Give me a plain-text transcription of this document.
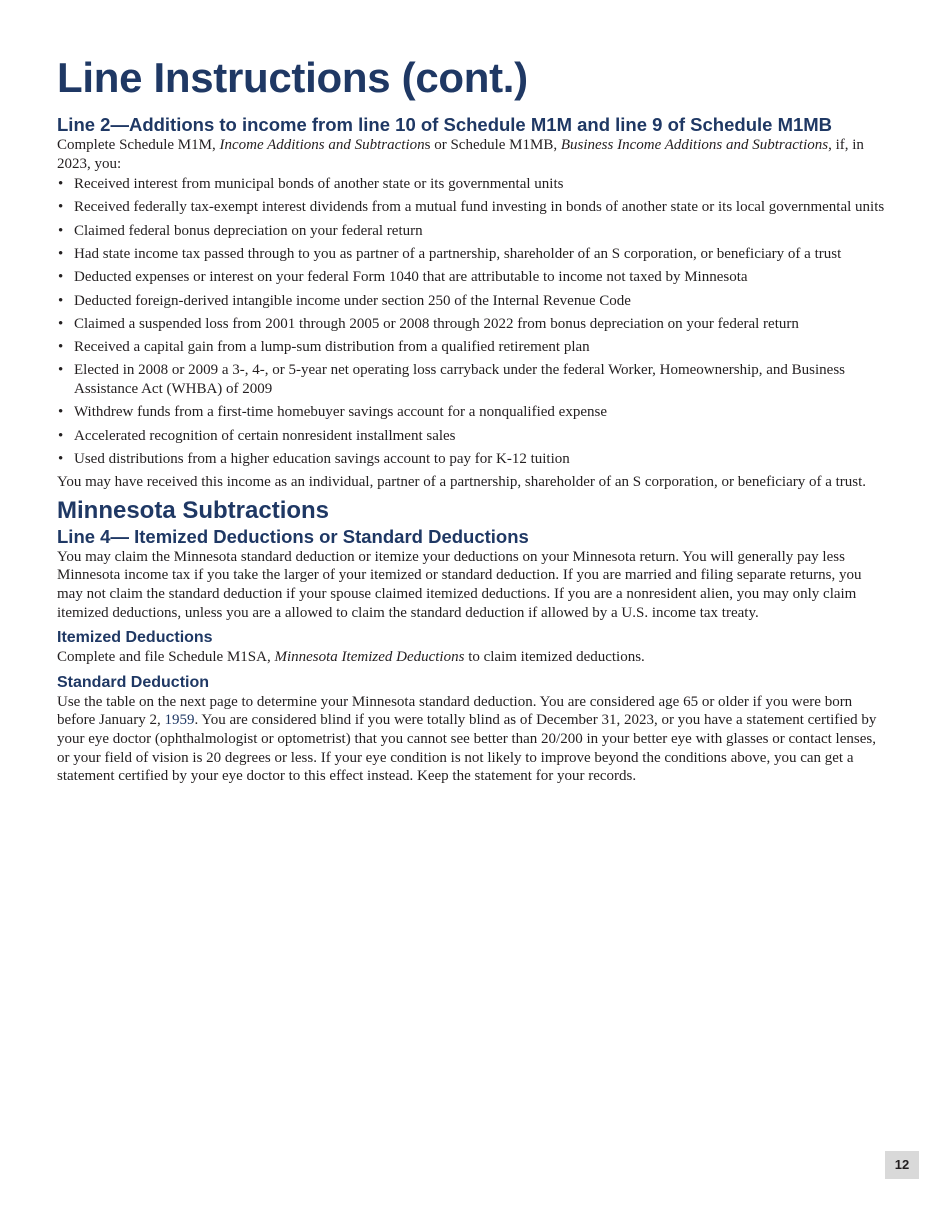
Line Instructions (cont.)
Line 2—Additions to income from line 10 of Schedule M1M and line 9 of Schedule M1MB

Complete Schedule M1M, Income Additions and Subtractions or Schedule M1MB, Business Income Additions and Subtractions, if, in 2023, you:

• Received interest from municipal bonds of another state or its governmental units
• Received federally tax-exempt interest dividends from a mutual fund investing in bonds of another state or its local governmental units
• Claimed federal bonus depreciation on your federal return
• Had state income tax passed through to you as partner of a partnership, shareholder of an S corporation, or beneficiary of a trust
• Deducted expenses or interest on your federal Form 1040 that are attributable to income not taxed by Minnesota
• Deducted foreign-derived intangible income under section 250 of the Internal Revenue Code
• Claimed a suspended loss from 2001 through 2005 or 2008 through 2022 from bonus depreciation on your federal return
• Received a capital gain from a lump-sum distribution from a qualified retirement plan
• Elected in 2008 or 2009 a 3-, 4-, or 5-year net operating loss carryback under the federal Worker, Homeownership, and Business Assistance Act (WHBA) of 2009
• Withdrew funds from a first-time homebuyer savings account for a nonqualified expense
• Accelerated recognition of certain nonresident installment sales
• Used distributions from a higher education savings account to pay for K-12 tuition

You may have received this income as an individual, partner of a partnership, shareholder of an S corporation, or beneficiary of a trust.

Minnesota Subtractions
Line 4— Itemized Deductions or Standard Deductions

You may claim the Minnesota standard deduction or itemize your deductions on your Minnesota return. You will generally pay less Minnesota income tax if you take the larger of your itemized or standard deduction. If you are married and filing separate returns, you may not claim the standard deduction if your spouse claimed itemized deductions. If you are a nonresident alien, you may only claim itemized deductions, unless you are a allowed to claim the standard deduction if allowed by a U.S. income tax treaty.

Itemized Deductions

Complete and file Schedule M1SA, Minnesota Itemized Deductions to claim itemized deductions.

Standard Deduction

Use the table on the next page to determine your Minnesota standard deduction. You are considered age 65 or older if you were born before January 2, 1959. You are considered blind if you were totally blind as of December 31, 2023, or you have a statement certified by your eye doctor (ophthalmologist or optometrist) that you cannot see better than 20/200 in your better eye with glasses or contact lenses, or your field of vision is 20 degrees or less. If your eye condition is not likely to improve beyond the conditions above, you can get a statement certified by your eye doctor to this effect instead. Keep the statement for your records.

12
